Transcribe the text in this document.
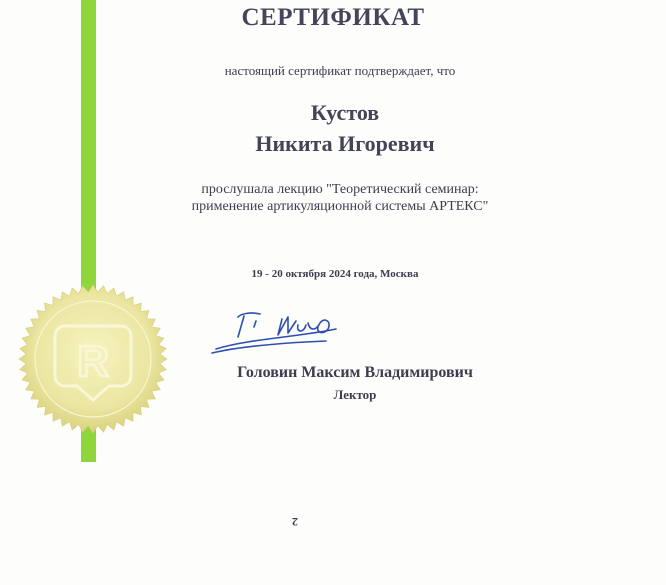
R
СЕРТИФИКАТ
настоящий сертификат подтверждает, что
Кустов
Никита Игоревич
прослушала лекцию "Теоретический семинар:
применение артикуляционной системы АРТЕКС"
19 - 20 октября 2024 года, Москва
Головин Максим Владимирович
Лектор
2
